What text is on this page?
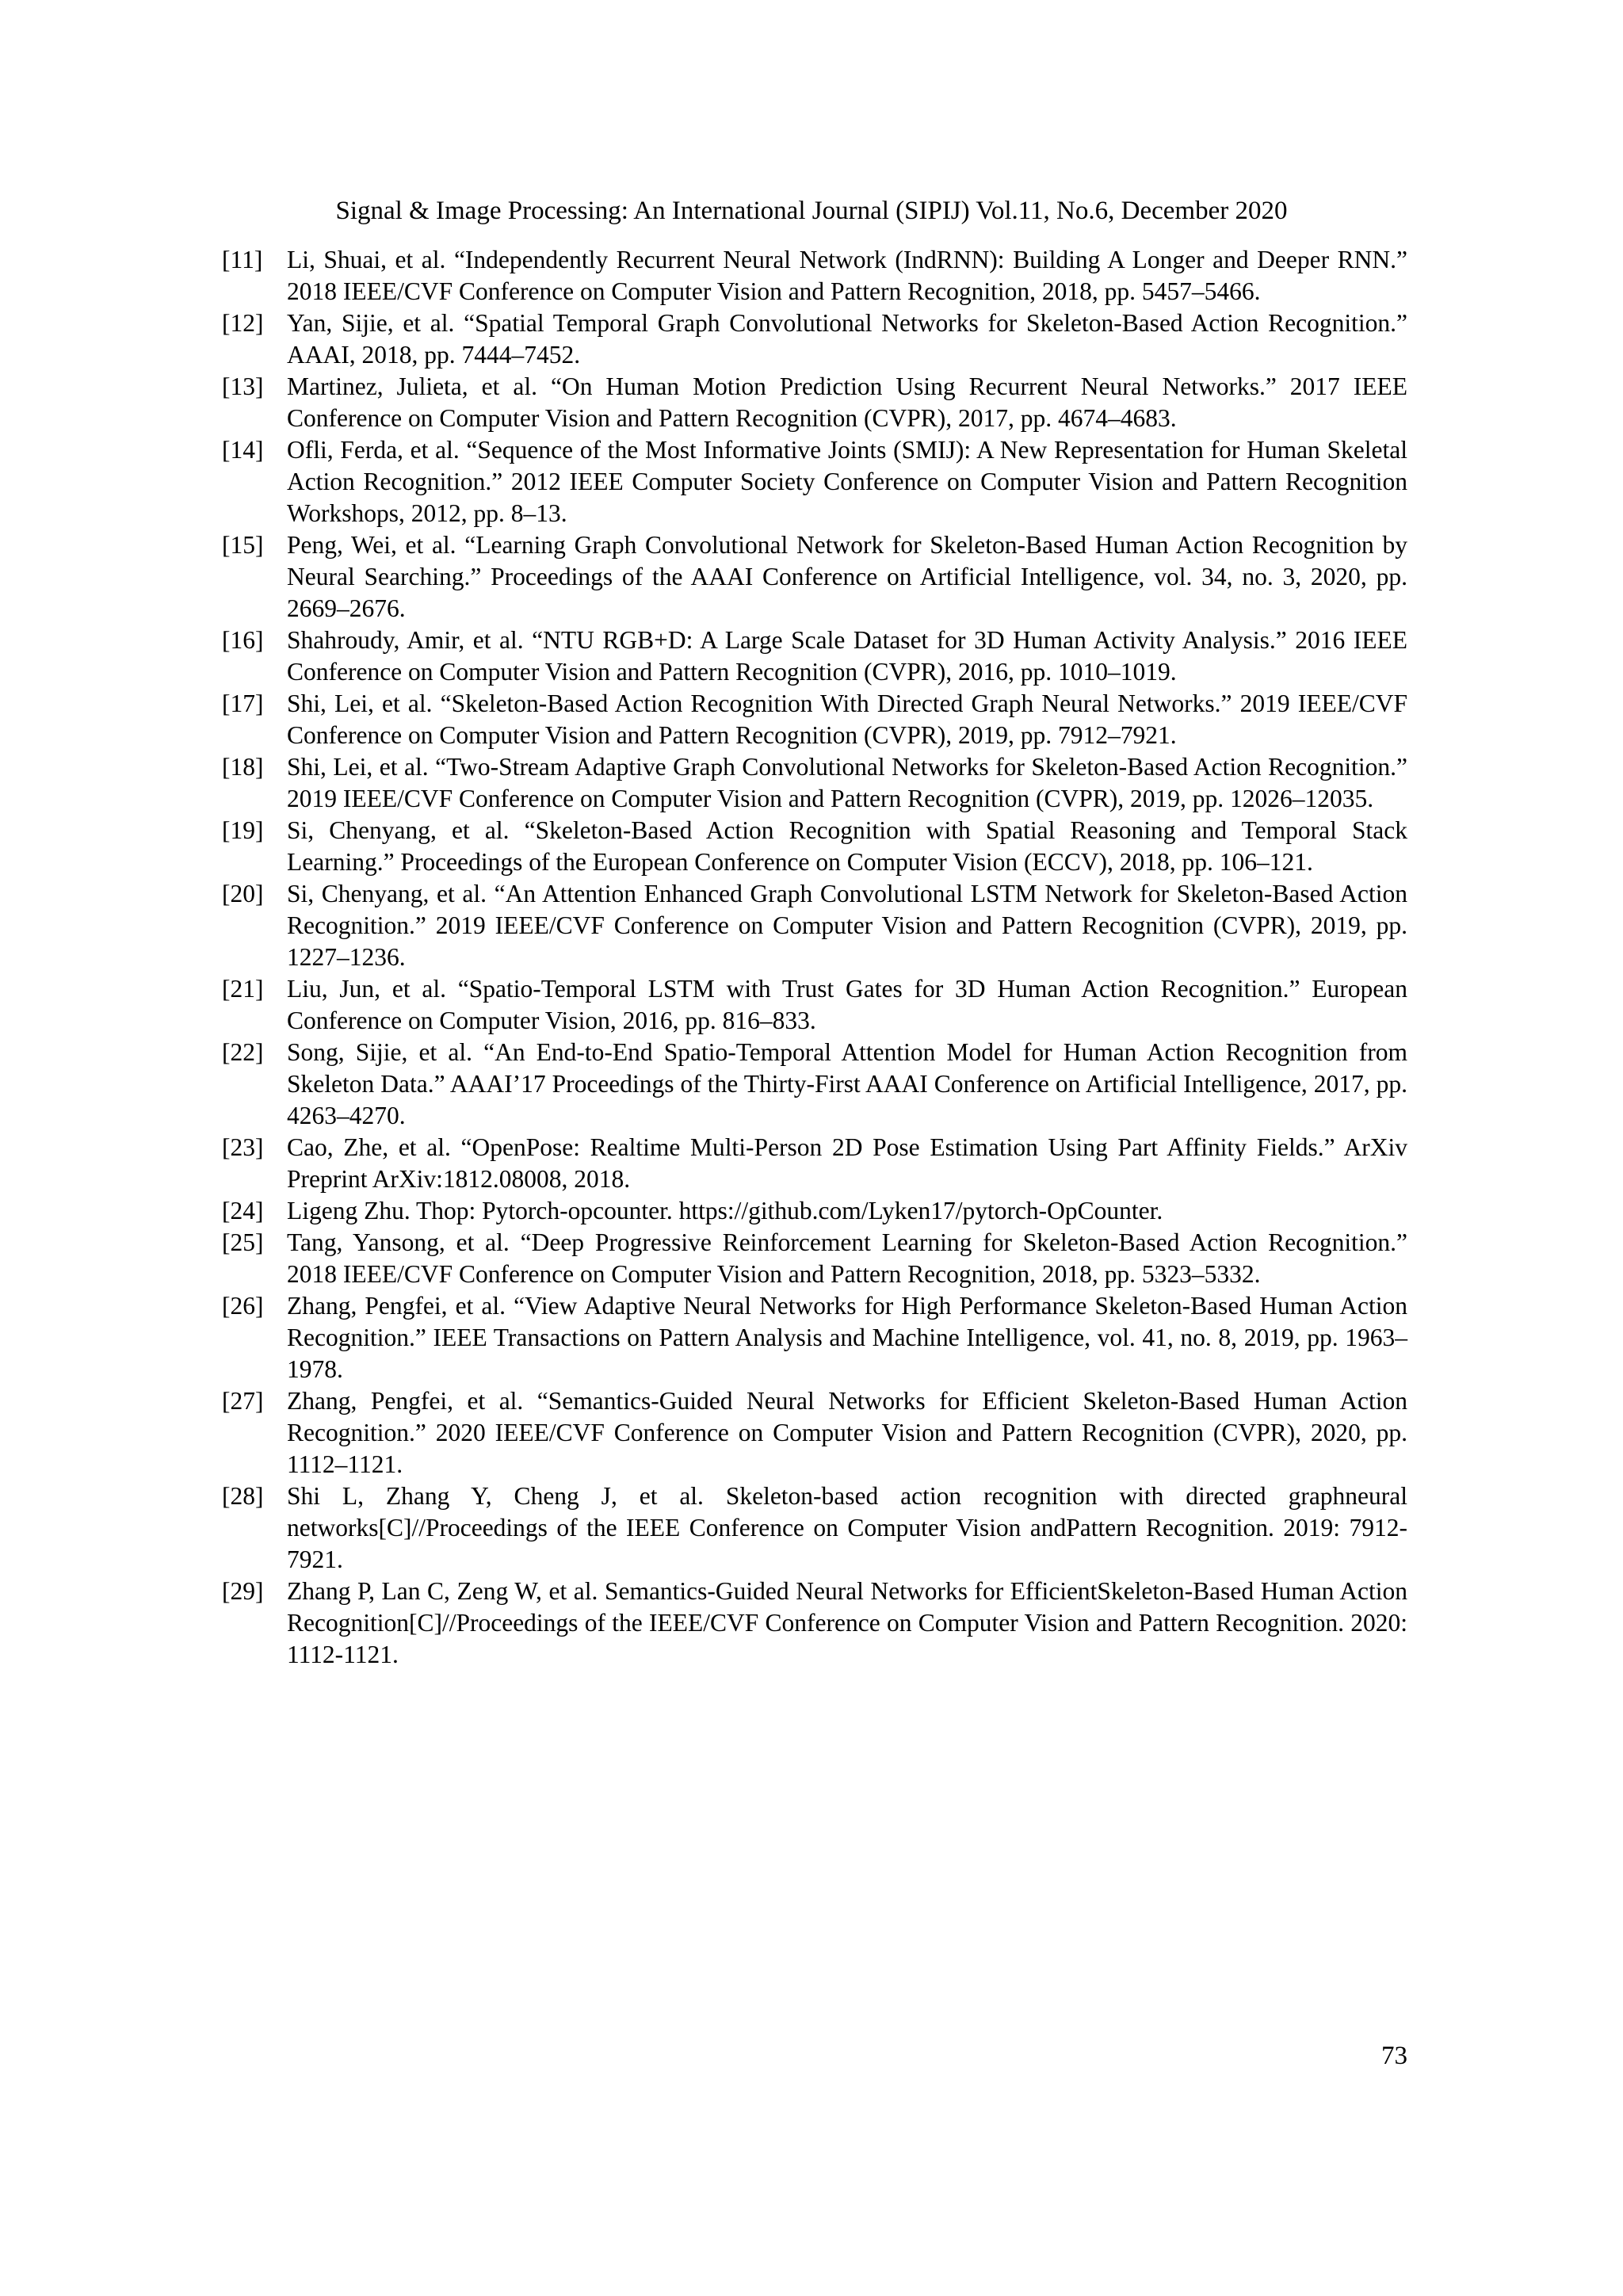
Signal & Image Processing: An International Journal (SIPIJ) Vol.11, No.6, December 2020
[11] Li, Shuai, et al. “Independently Recurrent Neural Network (IndRNN): Building A Longer and Deeper RNN.” 2018 IEEE/CVF Conference on Computer Vision and Pattern Recognition, 2018, pp. 5457–5466.
[12] Yan, Sijie, et al. “Spatial Temporal Graph Convolutional Networks for Skeleton-Based Action Recognition.” AAAI, 2018, pp. 7444–7452.
[13] Martinez, Julieta, et al. “On Human Motion Prediction Using Recurrent Neural Networks.” 2017 IEEE Conference on Computer Vision and Pattern Recognition (CVPR), 2017, pp. 4674–4683.
[14] Ofli, Ferda, et al. “Sequence of the Most Informative Joints (SMIJ): A New Representation for Human Skeletal Action Recognition.” 2012 IEEE Computer Society Conference on Computer Vision and Pattern Recognition Workshops, 2012, pp. 8–13.
[15] Peng, Wei, et al. “Learning Graph Convolutional Network for Skeleton-Based Human Action Recognition by Neural Searching.” Proceedings of the AAAI Conference on Artificial Intelligence, vol. 34, no. 3, 2020, pp. 2669–2676.
[16] Shahroudy, Amir, et al. “NTU RGB+D: A Large Scale Dataset for 3D Human Activity Analysis.” 2016 IEEE Conference on Computer Vision and Pattern Recognition (CVPR), 2016, pp. 1010–1019.
[17] Shi, Lei, et al. “Skeleton-Based Action Recognition With Directed Graph Neural Networks.” 2019 IEEE/CVF Conference on Computer Vision and Pattern Recognition (CVPR), 2019, pp. 7912–7921.
[18] Shi, Lei, et al. “Two-Stream Adaptive Graph Convolutional Networks for Skeleton-Based Action Recognition.” 2019 IEEE/CVF Conference on Computer Vision and Pattern Recognition (CVPR), 2019, pp. 12026–12035.
[19] Si, Chenyang, et al. “Skeleton-Based Action Recognition with Spatial Reasoning and Temporal Stack Learning.” Proceedings of the European Conference on Computer Vision (ECCV), 2018, pp. 106–121.
[20] Si, Chenyang, et al. “An Attention Enhanced Graph Convolutional LSTM Network for Skeleton-Based Action Recognition.” 2019 IEEE/CVF Conference on Computer Vision and Pattern Recognition (CVPR), 2019, pp. 1227–1236.
[21] Liu, Jun, et al. “Spatio-Temporal LSTM with Trust Gates for 3D Human Action Recognition.” European Conference on Computer Vision, 2016, pp. 816–833.
[22] Song, Sijie, et al. “An End-to-End Spatio-Temporal Attention Model for Human Action Recognition from Skeleton Data.” AAAI’17 Proceedings of the Thirty-First AAAI Conference on Artificial Intelligence, 2017, pp. 4263–4270.
[23] Cao, Zhe, et al. “OpenPose: Realtime Multi-Person 2D Pose Estimation Using Part Affinity Fields.” ArXiv Preprint ArXiv:1812.08008, 2018.
[24] Ligeng Zhu. Thop: Pytorch-opcounter. https://github.com/Lyken17/pytorch-OpCounter.
[25] Tang, Yansong, et al. “Deep Progressive Reinforcement Learning for Skeleton-Based Action Recognition.” 2018 IEEE/CVF Conference on Computer Vision and Pattern Recognition, 2018, pp. 5323–5332.
[26] Zhang, Pengfei, et al. “View Adaptive Neural Networks for High Performance Skeleton-Based Human Action Recognition.” IEEE Transactions on Pattern Analysis and Machine Intelligence, vol. 41, no. 8, 2019, pp. 1963–1978.
[27] Zhang, Pengfei, et al. “Semantics-Guided Neural Networks for Efficient Skeleton-Based Human Action Recognition.” 2020 IEEE/CVF Conference on Computer Vision and Pattern Recognition (CVPR), 2020, pp. 1112–1121.
[28] Shi L, Zhang Y, Cheng J, et al. Skeleton-based action recognition with directed graphneural networks[C]//Proceedings of the IEEE Conference on Computer Vision andPattern Recognition. 2019: 7912-7921.
[29] Zhang P, Lan C, Zeng W, et al. Semantics-Guided Neural Networks for EfficientSkeleton-Based Human Action Recognition[C]//Proceedings of the IEEE/CVF Conference on Computer Vision and Pattern Recognition. 2020: 1112-1121.
73
